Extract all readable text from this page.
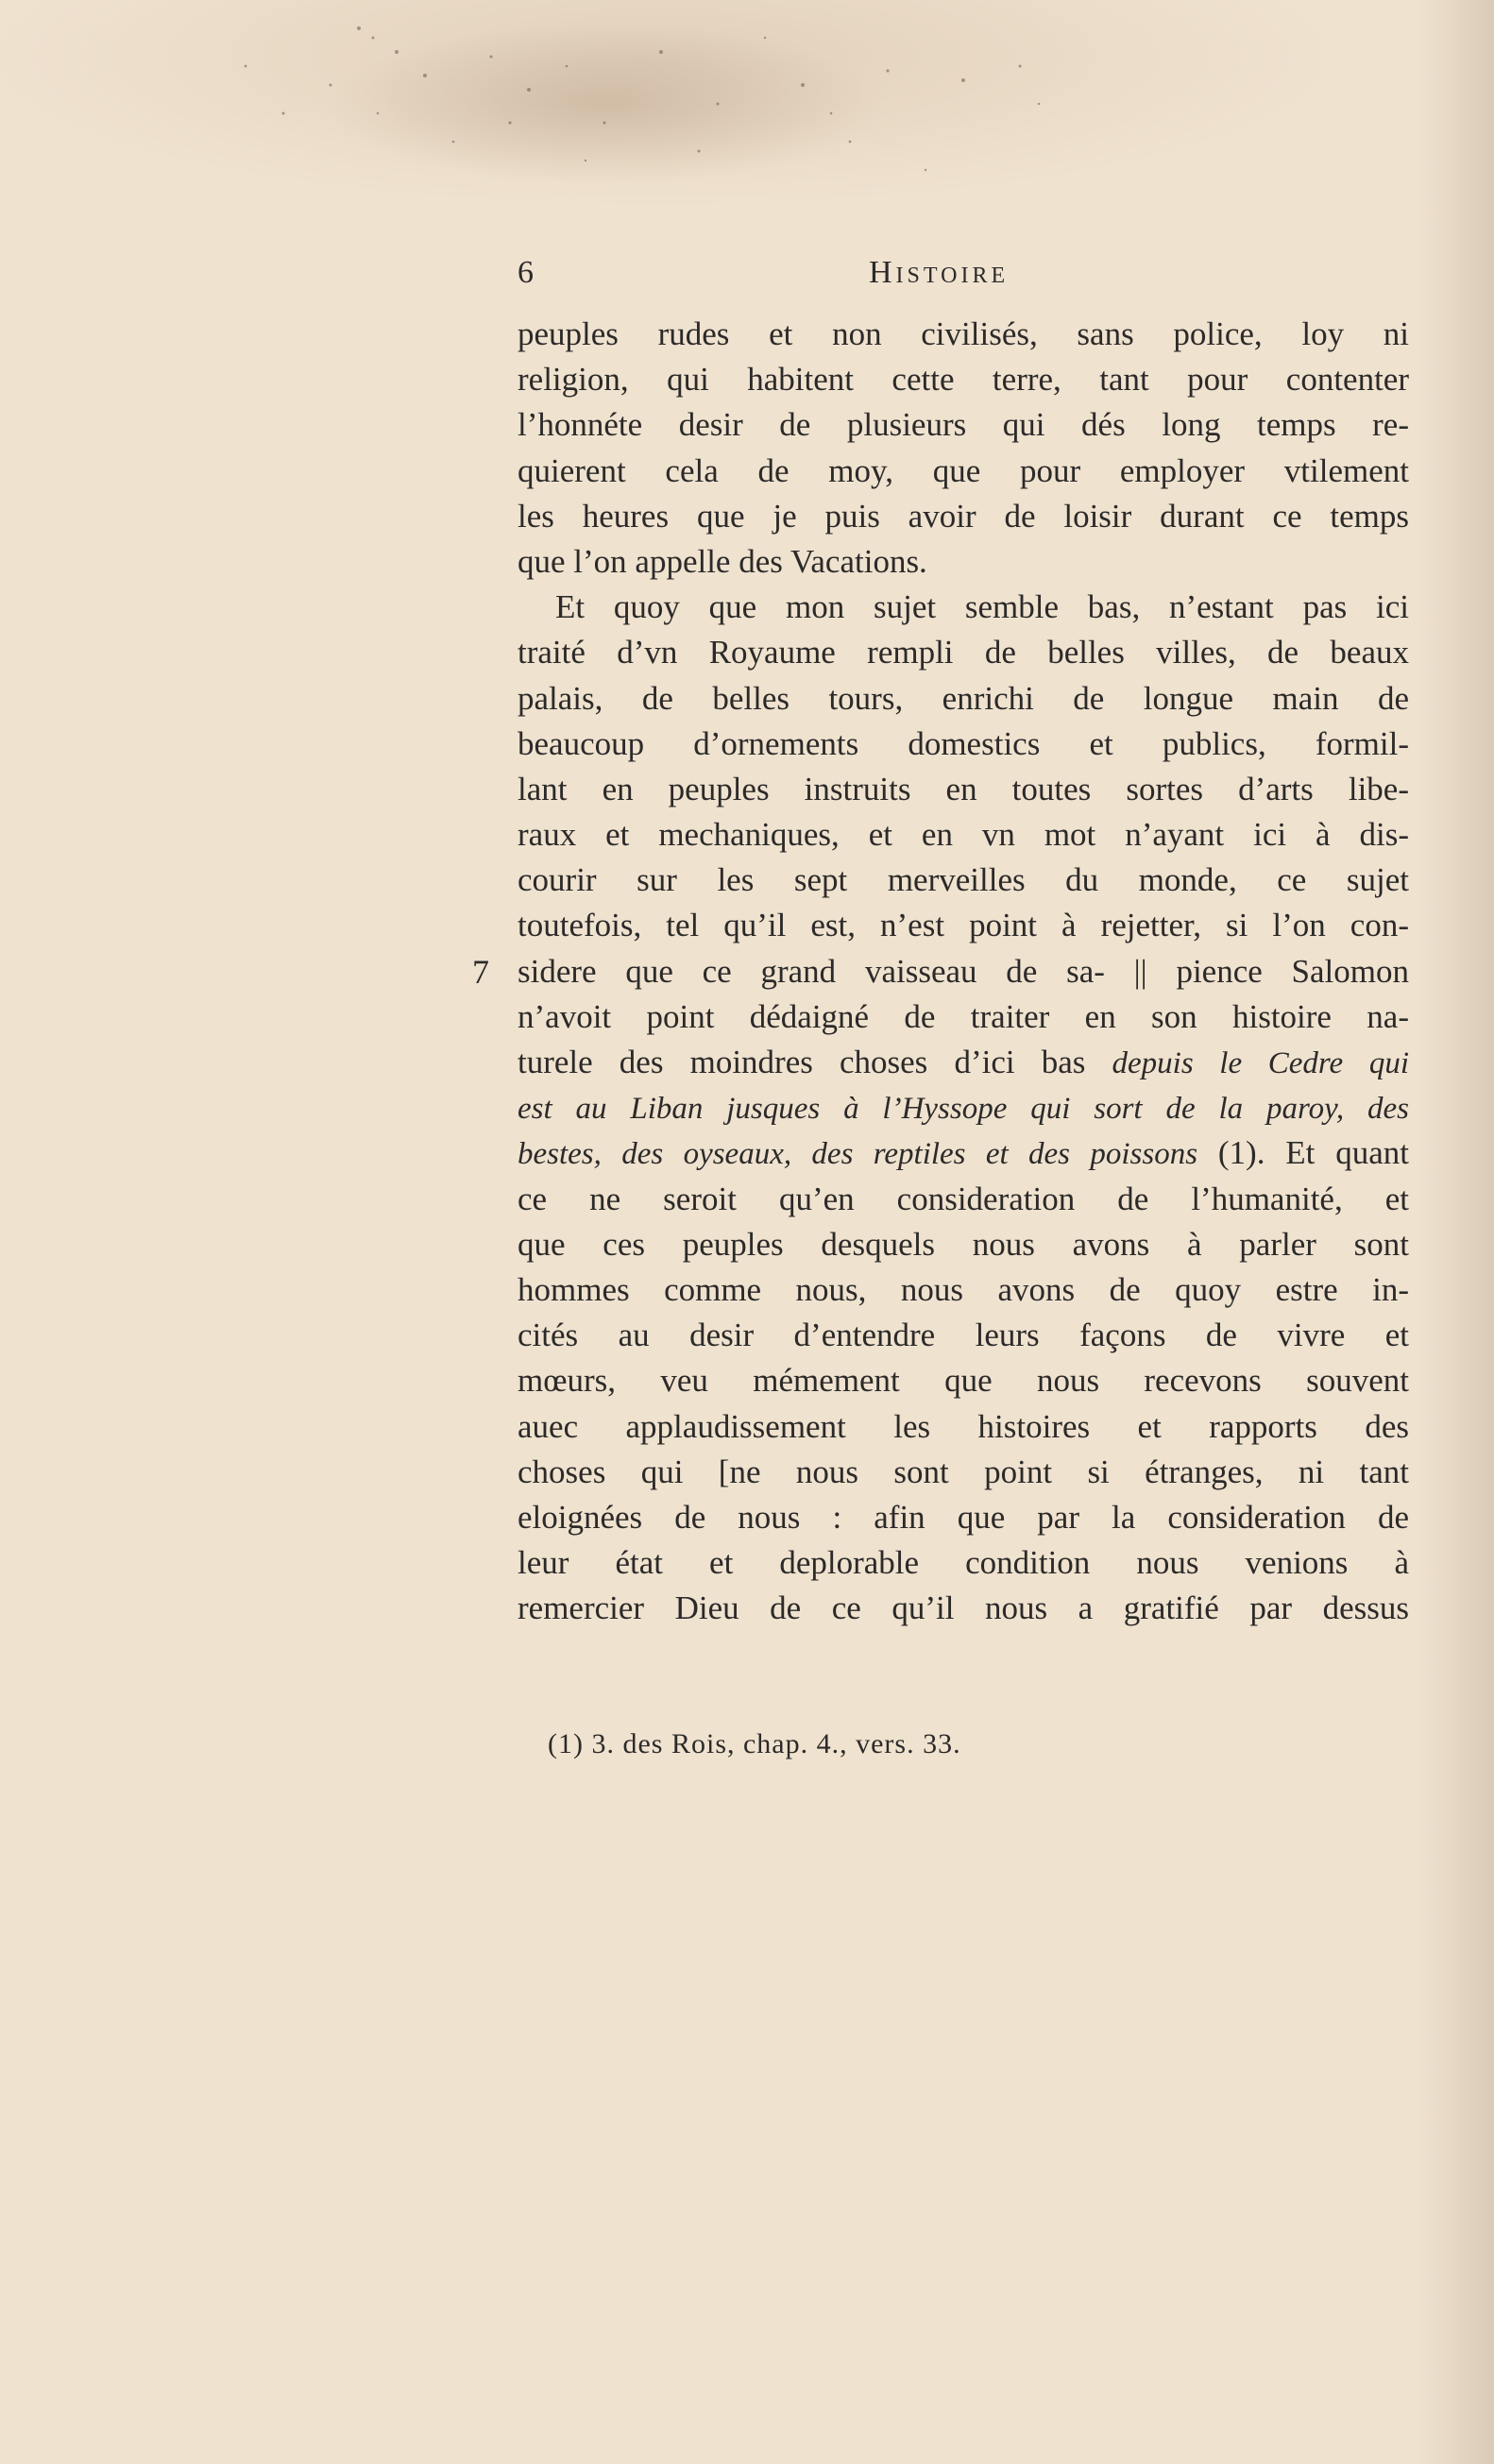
6	Histoire
7
peuples rudes et non civilisés, sans police, loy ni
religion, qui habitent cette terre, tant pour contenter
l’honnéte desir de plusieurs qui dés long temps re-
quierent cela de moy, que pour employer vtilement
les heures que je puis avoir de loisir durant ce temps
que l’on appelle des Vacations.
Et quoy que mon sujet semble bas, n’estant pas ici
traité d’vn Royaume rempli de belles villes, de beaux
palais, de belles tours, enrichi de longue main de
beaucoup d’ornements domestics et publics, formil-
lant en peuples instruits en toutes sortes d’arts libe-
raux et mechaniques, et en vn mot n’ayant ici à dis-
courir sur les sept merveilles du monde, ce sujet
toutefois, tel qu’il est, n’est point à rejetter, si l’on con-
sidere que ce grand vaisseau de sa- || pience Salomon
n’avoit point dédaigné de traiter en son histoire na-
turele des moindres choses d’ici bas depuis le Cedre qui
est au Liban jusques à l’Hyssope qui sort de la paroy, des
bestes, des oyseaux, des reptiles et des poissons (1). Et quant
ce ne seroit qu’en consideration de l’humanité, et
que ces peuples desquels nous avons à parler sont
hommes comme nous, nous avons de quoy estre in-
cités au desir d’entendre leurs façons de vivre et
mœurs, veu mémement que nous recevons souvent
auec applaudissement les histoires et rapports des
choses qui [ne nous sont point si étranges, ni tant
eloignées de nous : afin que par la consideration de
leur état et deplorable condition nous venions à
remercier Dieu de ce qu’il nous a gratifié par dessus
(1) 3. des Rois, chap. 4., vers. 33.
